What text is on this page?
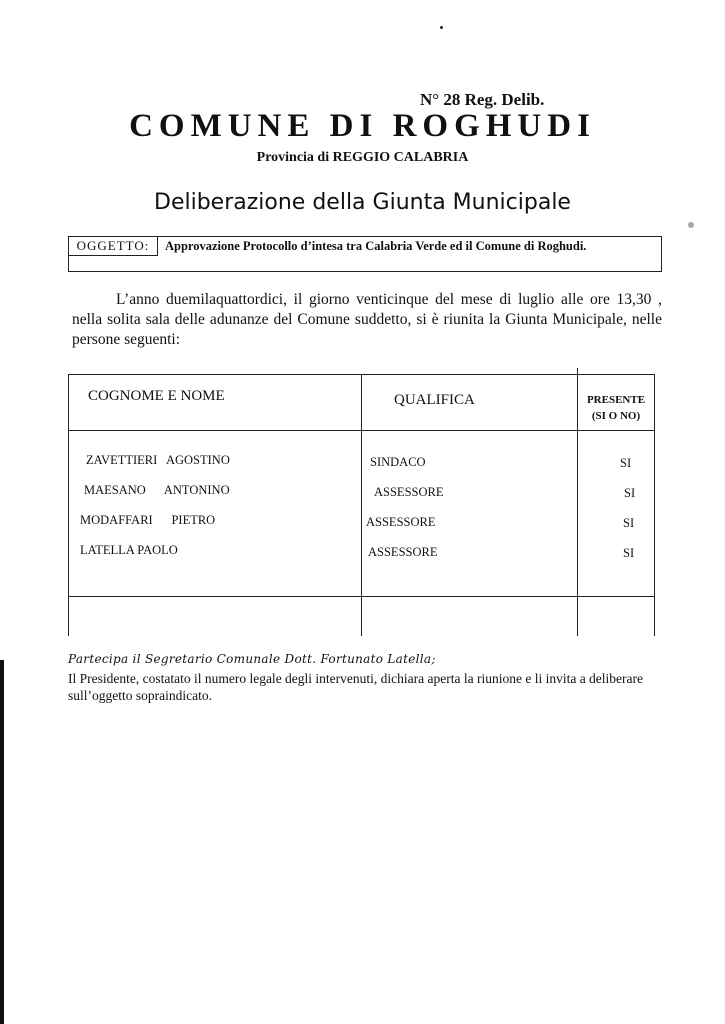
N° 28 Reg. Delib.
COMUNE DI ROGHUDI
Provincia di REGGIO CALABRIA
Deliberazione della Giunta Municipale
OGGETTO:	Approvazione Protocollo d’intesa tra Calabria Verde ed il Comune di Roghudi.
L’anno duemilaquattordici, il giorno venticinque del mese di luglio alle ore 13,30 , nella solita sala delle adunanze del Comune suddetto, si è riunita la Giunta Municipale, nelle persone seguenti:
COGNOME E NOME	QUALIFICA	PRESENTE
(SI O NO)
ZAVETTIERI   AGOSTINO	SINDACO	SI
MAESANO      ANTONINO	ASSESSORE	SI
MODAFFARI      PIETRO	ASSESSORE	SI
LATELLA PAOLO	ASSESSORE	SI
Partecipa il Segretario Comunale Dott. Fortunato Latella;
Il Presidente, costatato il numero legale degli intervenuti, dichiara aperta la riunione e li invita a deliberare sull’oggetto sopraindicato.
